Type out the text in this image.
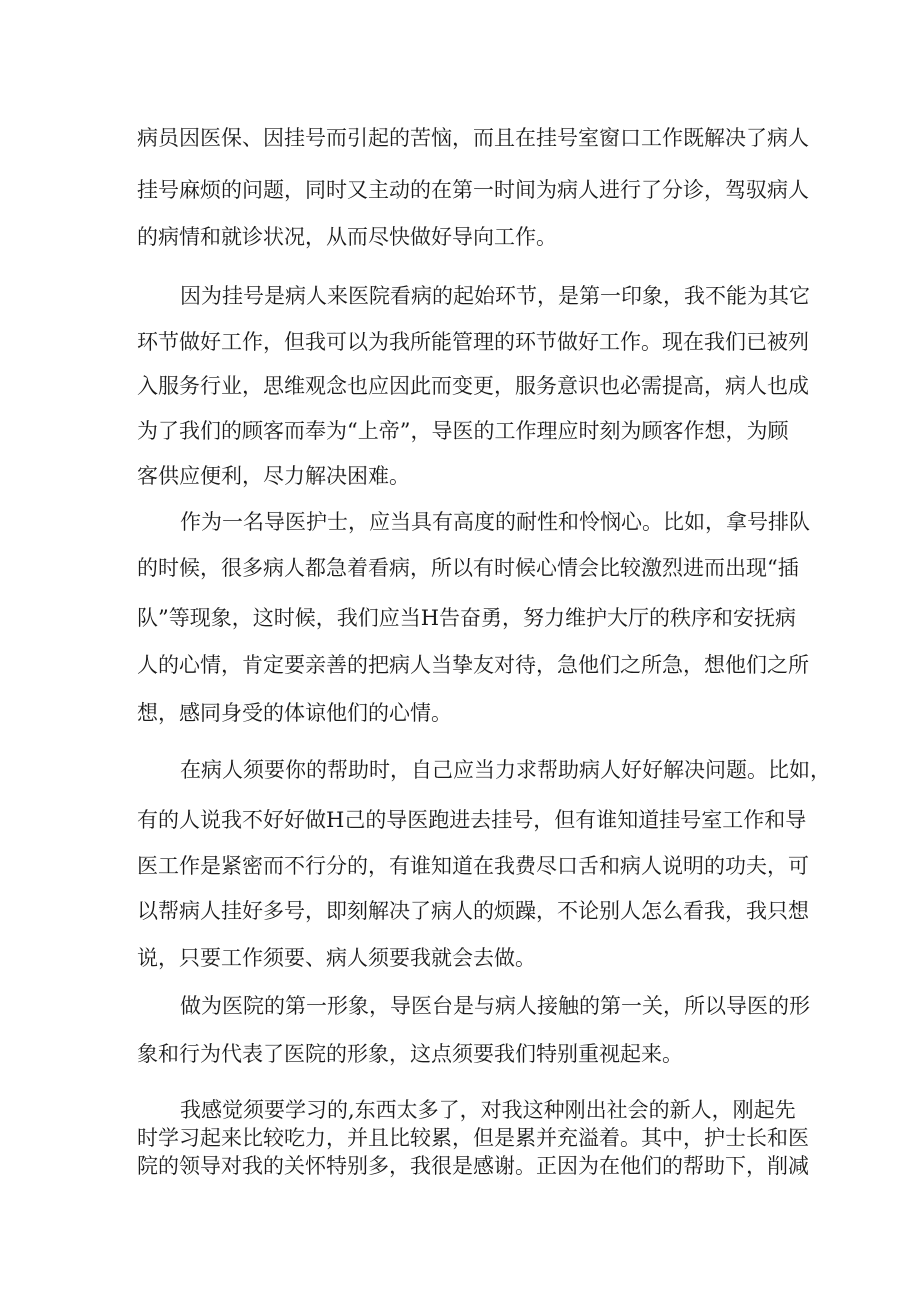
病员因医保、因挂号而引起的苦恼，而且在挂号室窗口工作既解决了病人

挂号麻烦的问题，同时又主动的在第一时间为病人进行了分诊，驾驭病人

的病情和就诊状况，从而尽快做好导向工作。

因为挂号是病人来医院看病的起始环节，是第一印象，我不能为其它

环节做好工作，但我可以为我所能管理的环节做好工作。现在我们已被列

入服务行业，思维观念也应因此而变更，服务意识也必需提高，病人也成

为了我们的顾客而奉为“上帝”，导医的工作理应时刻为顾客作想，为顾

客供应便利，尽力解决困难。

作为一名导医护士，应当具有高度的耐性和怜悯心。比如，拿号排队

的时候，很多病人都急着看病，所以有时候心情会比较激烈进而出现“插

队”等现象，这时候，我们应当H告奋勇，努力维护大厅的秩序和安抚病

人的心情，肯定要亲善的把病人当挚友对待，急他们之所急，想他们之所

想，感同身受的体谅他们的心情。

在病人须要你的帮助时，自己应当力求帮助病人好好解决问题。比如，

有的人说我不好好做H己的导医跑进去挂号，但有谁知道挂号室工作和导

医工作是紧密而不行分的，有谁知道在我费尽口舌和病人说明的功夫，可

以帮病人挂好多号，即刻解决了病人的烦躁，不论别人怎么看我，我只想

说，只要工作须要、病人须要我就会去做。

做为医院的第一形象，导医台是与病人接触的第一关，所以导医的形

象和行为代表了医院的形象，这点须要我们特别重视起来。

我感觉须要学习的,东西太多了，对我这种刚出社会的新人，刚起先

时学习起来比较吃力，并且比较累，但是累并充溢着。其中，护士长和医

院的领导对我的关怀特别多，我很是感谢。正因为在他们的帮助下，削减
